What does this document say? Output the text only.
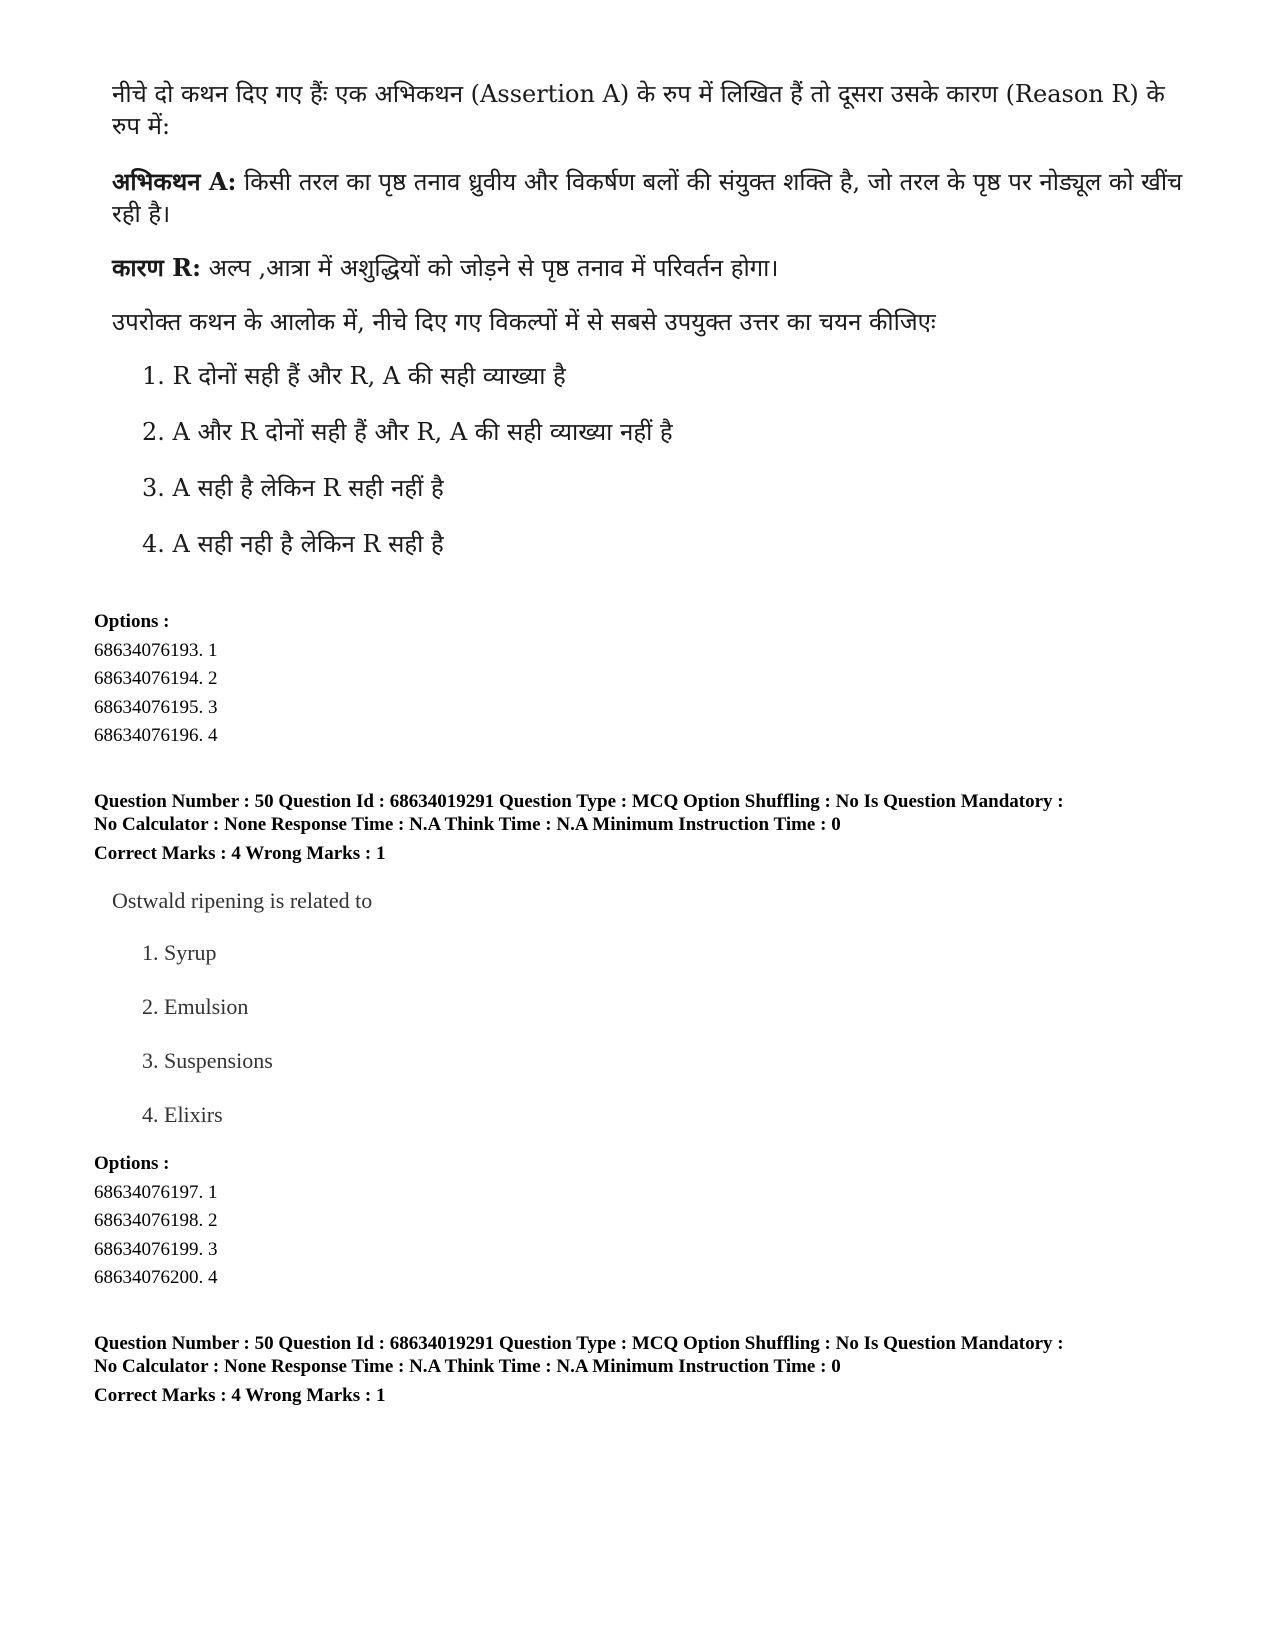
नीचे दो कथन दिए गए हैंः एक अभिकथन (Assertion A) के रुप में लिखित हैं तो दूसरा उसके कारण (Reason R) के रुप में:

अभिकथन A: किसी तरल का पृष्ठ तनाव ध्रुवीय और विकर्षण बलों की संयुक्त शक्ति है, जो तरल के पृष्ठ पर नोड्यूल को खींच रही है।

कारण R: अल्प ,आत्रा में अशुद्धियों को जोड़ने से पृष्ठ तनाव में परिवर्तन होगा।

उपरोक्त कथन के आलोक में, नीचे दिए गए विकल्पों में से सबसे उपयुक्त उत्तर का चयन कीजिएः

1. R दोनों सही हैं और R, A की सही व्याख्या है
2. A और R दोनों सही हैं और R, A की सही व्याख्या नहीं है
3. A सही है लेकिन R सही नहीं है
4. A सही नही है लेकिन R सही है
Options :
68634076193. 1
68634076194. 2
68634076195. 3
68634076196. 4
Question Number : 50 Question Id : 68634019291 Question Type : MCQ Option Shuffling : No Is Question Mandatory :
No Calculator : None Response Time : N.A Think Time : N.A Minimum Instruction Time : 0
Correct Marks : 4 Wrong Marks : 1

Ostwald ripening is related to

1. Syrup
2. Emulsion
3. Suspensions
4. Elixirs
Options :
68634076197. 1
68634076198. 2
68634076199. 3
68634076200. 4
Question Number : 50 Question Id : 68634019291 Question Type : MCQ Option Shuffling : No Is Question Mandatory :
No Calculator : None Response Time : N.A Think Time : N.A Minimum Instruction Time : 0
Correct Marks : 4 Wrong Marks : 1
